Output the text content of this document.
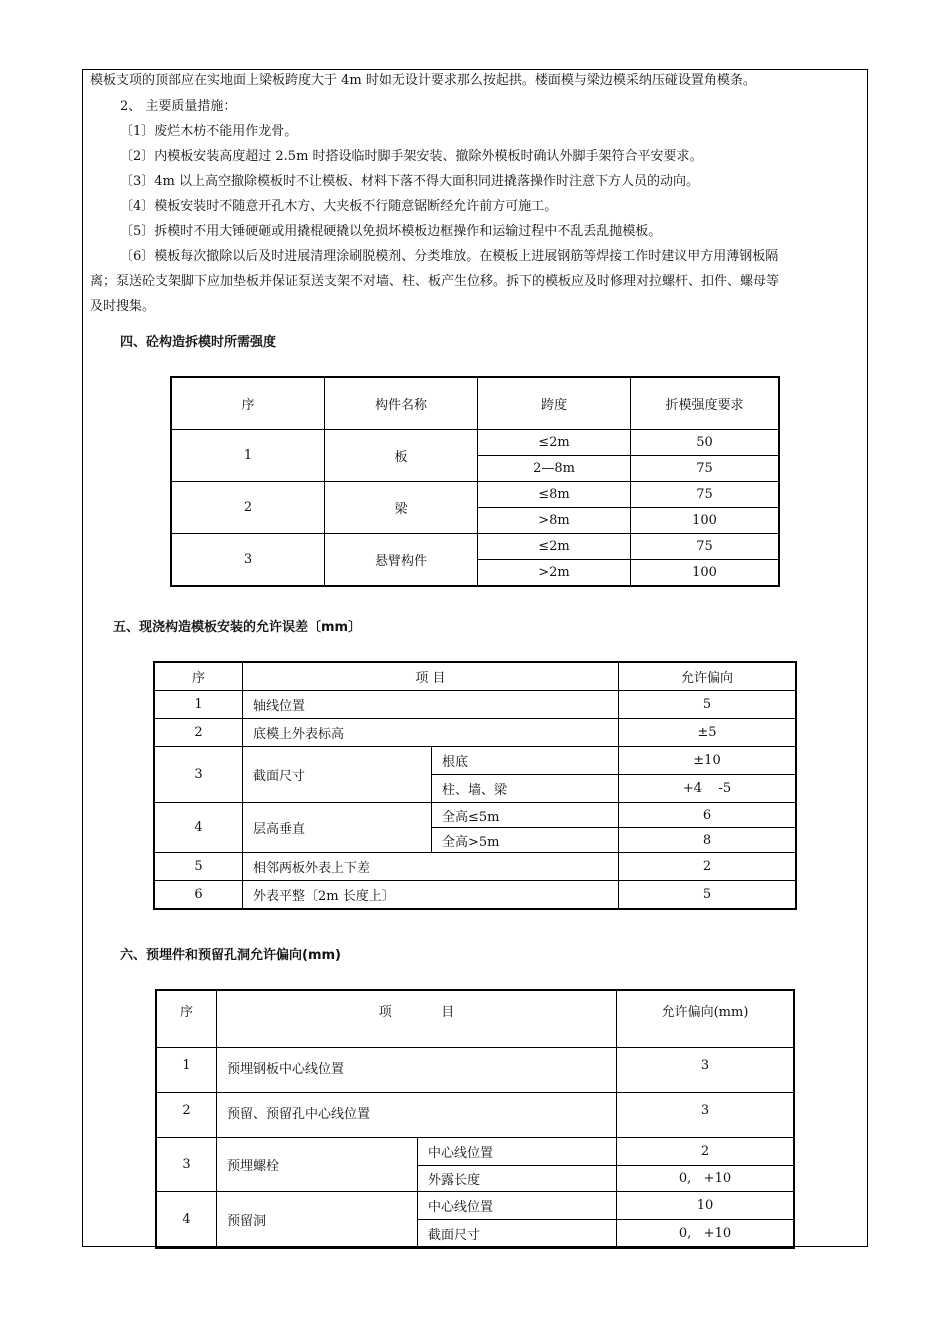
模板支项的顶部应在实地面上梁板跨度大于 4m 时如无设计要求那么按起拱。楼面模与梁边模采纳压碰设置角模条。
2、 主要质量措施：
〔1〕废烂木枋不能用作龙骨。
〔2〕内模板安装高度超过 2.5m 时搭设临时脚手架安装、撤除外模板时确认外脚手架符合平安要求。
〔3〕4m 以上高空撤除模板时不让模板、材料下落不得大面积同进撬落操作时注意下方人员的动向。
〔4〕模板安装时不随意开孔木方、大夹板不行随意锯断经允许前方可施工。
〔5〕拆模时不用大锤硬砸或用撬棍硬撬以免损坏模板边框操作和运输过程中不乱丢乱抛模板。
〔6〕模板每次撤除以后及时进展清理涂刷脱模剂、分类堆放。在模板上进展钢筋等焊接工作时建议甲方用薄钢板隔
离；泵送砼支架脚下应加垫板并保证泵送支架不对墙、柱、板产生位移。拆下的模板应及时修理对拉螺杆、扣件、螺母等
及时搜集。
四、砼构造拆模时所需强度
序	构件名称	跨度	折模强度要求
1	板	≤2m	50
		2—8m	75
2	梁	≤8m	75
		>8m	100
3	悬臂构件	≤2m	75
		>2m	100
五、现浇构造模板安装的允许误差〔mm〕
序	项 目		允许偏向
1	轴线位置		5
2	底模上外表标高		±5
3	截面尺寸	根底	±10
		柱、墙、梁	+4    -5
4	层高垂直	全高≤5m	6
		全高>5m	8
5	相邻两板外表上下差		2
6	外表平整〔2m 长度上〕		5
六、预埋件和预留孔洞允许偏向(mm)
序	项            目		允许偏向(mm)
1	预埋钢板中心线位置		3
2	预留、预留孔中心线位置		3
3	预埋螺栓	中心线位置	2
		外露长度	0,   +10
4	预留洞	中心线位置	10
		截面尺寸	0,   +10
